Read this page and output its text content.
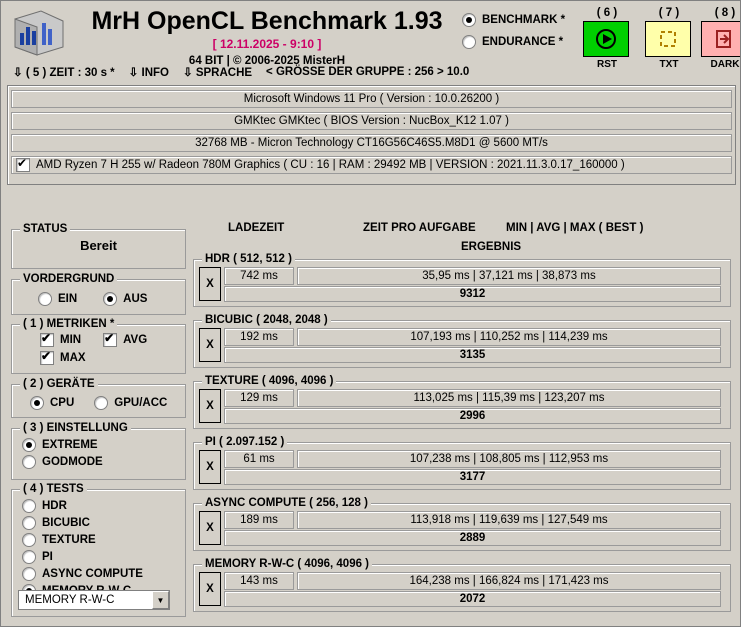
MrH OpenCL Benchmark 1.93
[ 12.11.2025 - 9:10 ]
64 BIT | © 2006-2025 MisterH
BENCHMARK *
ENDURANCE *
( 6 )
RST
( 7 )
TXT
( 8 )
DARK
⇩ ( 5 ) ZEIT : 30 s * ⇩ INFO ⇩ SPRACHE < GRÖSSE DER GRUPPE : 256 > 10.0
Microsoft Windows 11 Pro ( Version : 10.0.26200 )
GMKtec GMKtec ( BIOS Version : NucBox_K12 1.07 )
32768 MB - Micron Technology CT16G56C46S5.M8D1 @ 5600 MT/s
✔
AMD Ryzen 7 H 255 w/ Radeon 780M Graphics ( CU : 16 | RAM : 29492 MB | VERSION : 2021.11.3.0.17_160000 )
LADEZEIT	ZEIT PRO AUFGABE	MIN | AVG | MAX ( BEST )
ERGEBNIS
STATUS
Bereit
VORDERGRUND
EIN	AUS
( 1 ) METRIKEN *
✔
MIN ✔	AVG
✔
MAX
( 2 ) GERÄTE
CPU	GPU/ACC
( 3 ) EINSTELLUNG
EXTREME
GODMODE
( 4 ) TESTS
HDR
BICUBIC
TEXTURE
PI
ASYNC COMPUTE
MEMORY R-W-C	▼
HDR ( 512, 512 )
X
742 ms	35,95 ms | 37,121 ms | 38,873 ms
9312
BICUBIC ( 2048, 2048 )
X
192 ms	107,193 ms | 110,252 ms | 114,239 ms
3135
TEXTURE ( 4096, 4096 )
X
129 ms	113,025 ms | 115,39 ms | 123,207 ms
2996
PI ( 2.097.152 )
X
61 ms	107,238 ms | 108,805 ms | 112,953 ms
3177
ASYNC COMPUTE ( 256, 128 )
X
189 ms	113,918 ms | 119,639 ms | 127,549 ms
2889
MEMORY R-W-C ( 4096, 4096 )
X
143 ms	164,238 ms | 166,824 ms | 171,423 ms
2072
